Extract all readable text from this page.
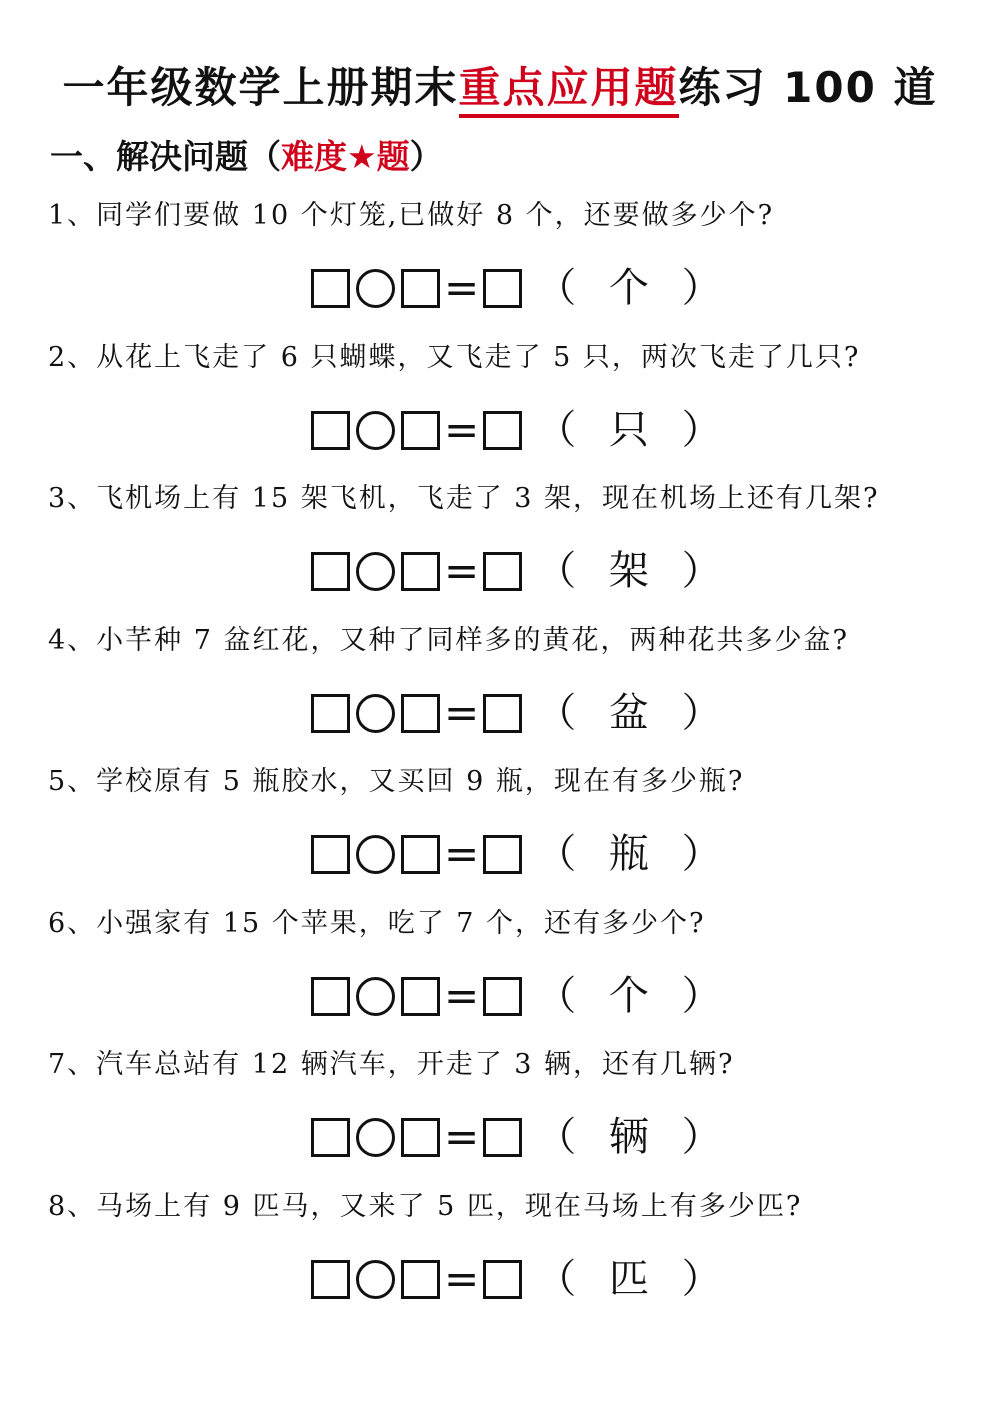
一年级数学上册期末重点应用题练习 100 道
一、解决问题（难度★题）
1、同学们要做 10 个灯笼,已做好 8 个，还要做多少个?
= （ 个 ）
2、从花上飞走了 6 只蝴蝶，又飞走了 5 只，两次飞走了几只?
= （ 只 ）
3、飞机场上有 15 架飞机，飞走了 3 架，现在机场上还有几架?
= （ 架 ）
4、小芊种 7 盆红花，又种了同样多的黄花，两种花共多少盆?
= （ 盆 ）
5、学校原有 5 瓶胶水，又买回 9 瓶，现在有多少瓶?
= （ 瓶 ）
6、小强家有 15 个苹果，吃了 7 个，还有多少个?
= （ 个 ）
7、汽车总站有 12 辆汽车，开走了 3 辆，还有几辆?
= （ 辆 ）
8、马场上有 9 匹马，又来了 5 匹，现在马场上有多少匹?
= （ 匹 ）
